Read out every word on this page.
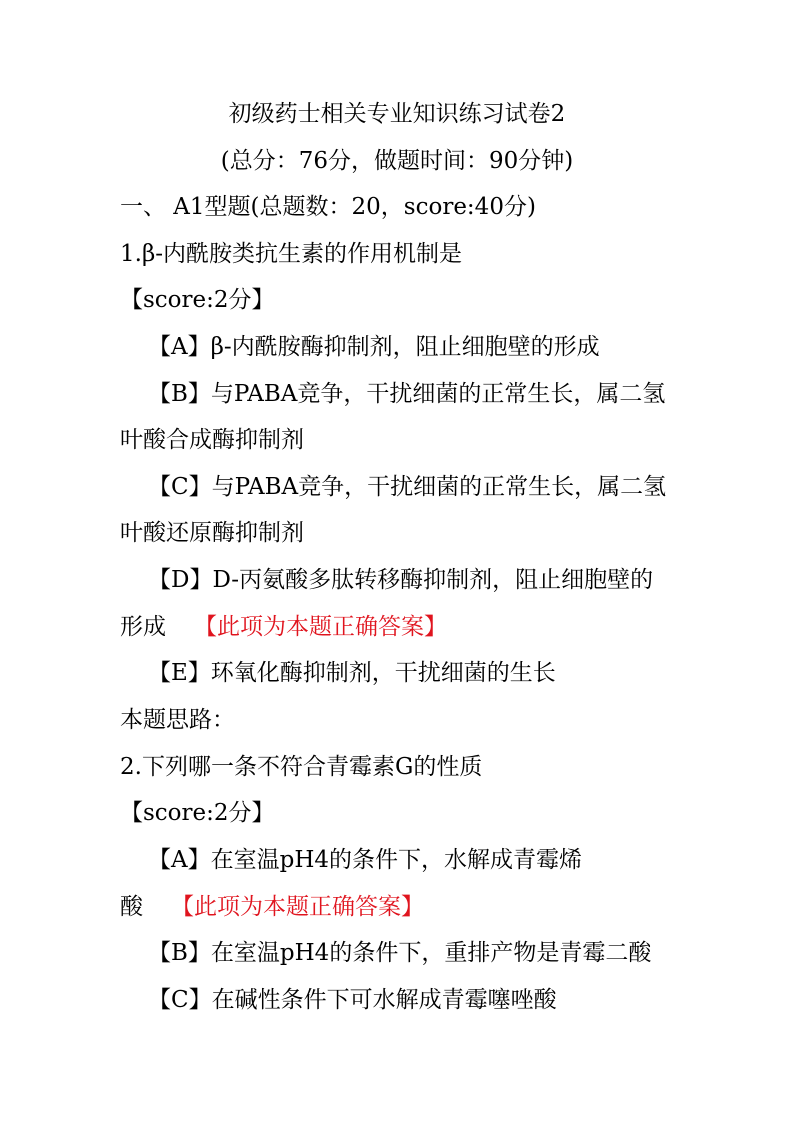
初级药士相关专业知识练习试卷2
(总分：76分，做题时间：90分钟)
一、 A1型题(总题数：20，score:40分)
1.β-内酰胺类抗生素的作用机制是
【score:2分】
【A】β-内酰胺酶抑制剂，阻止细胞壁的形成
【B】与PABA竞争，干扰细菌的正常生长，属二氢
叶酸合成酶抑制剂
【C】与PABA竞争，干扰细菌的正常生长，属二氢
叶酸还原酶抑制剂
【D】D-丙氨酸多肽转移酶抑制剂，阻止细胞壁的
形成 【此项为本题正确答案】
【E】环氧化酶抑制剂，干扰细菌的生长
本题思路：
2.下列哪一条不符合青霉素G的性质
【score:2分】
【A】在室温pH4的条件下，水解成青霉烯
酸 【此项为本题正确答案】
【B】在室温pH4的条件下，重排产物是青霉二酸
【C】在碱性条件下可水解成青霉噻唑酸
